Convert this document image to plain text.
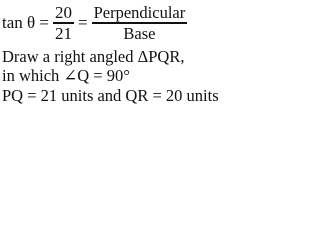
$\tan \theta = \frac{20}{21} = \frac{\text{Perpendicular}}{\text{Base}}$
Draw a right angled ΔPQR,
in which ∠Q = 90°
PQ = 21 units and QR = 20 units
